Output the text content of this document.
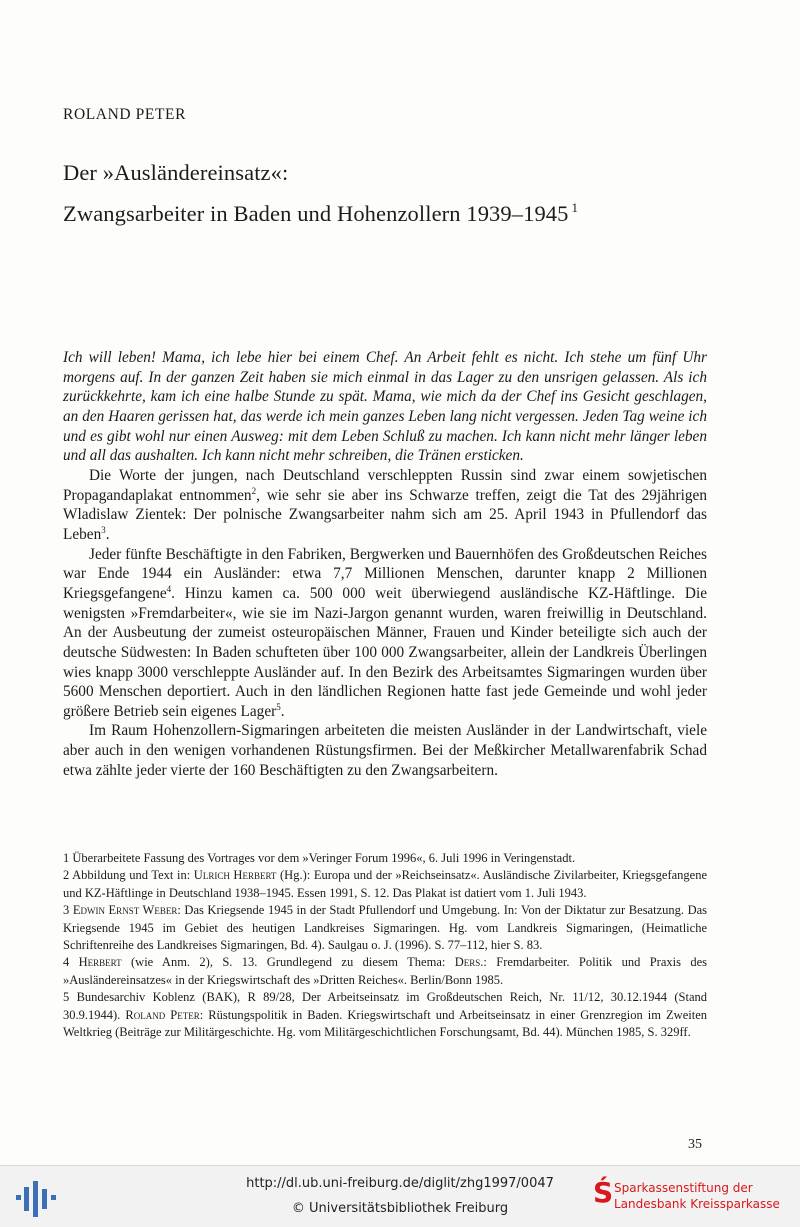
ROLAND PETER
Der »Ausländereinsatz«:
Zwangsarbeiter in Baden und Hohenzollern 1939–1945 $^1$

Ich will leben! Mama, ich lebe hier bei einem Chef. An Arbeit fehlt es nicht. Ich stehe um fünf Uhr morgens auf. In der ganzen Zeit haben sie mich einmal in das Lager zu den unsrigen gelassen. Als ich zurückkehrte, kam ich eine halbe Stunde zu spät. Mama, wie mich da der Chef ins Gesicht geschlagen, an den Haaren gerissen hat, das werde ich mein ganzes Leben lang nicht vergessen. Jeden Tag weine ich und es gibt wohl nur einen Ausweg: mit dem Leben Schluß zu machen. Ich kann nicht mehr länger leben und all das aushalten. Ich kann nicht mehr schreiben, die Tränen ersticken.

Die Worte der jungen, nach Deutschland verschleppten Russin sind zwar einem sowjetischen Propagandaplakat entnommen$^2$, wie sehr sie aber ins Schwarze treffen, zeigt die Tat des 29jährigen Wladislaw Zientek: Der polnische Zwangsarbeiter nahm sich am 25. April 1943 in Pfullendorf das Leben$^3$.

Jeder fünfte Beschäftigte in den Fabriken, Bergwerken und Bauernhöfen des Großdeutschen Reiches war Ende 1944 ein Ausländer: etwa 7,7 Millionen Menschen, darunter knapp 2 Millionen Kriegsgefangene$^4$. Hinzu kamen ca. 500 000 weit überwiegend ausländische KZ-Häftlinge. Die wenigsten »Fremdarbeiter«, wie sie im Nazi-Jargon genannt wurden, waren freiwillig in Deutschland. An der Ausbeutung der zumeist osteuropäischen Männer, Frauen und Kinder beteiligte sich auch der deutsche Südwesten: In Baden schufteten über 100 000 Zwangsarbeiter, allein der Landkreis Überlingen wies knapp 3000 verschleppte Ausländer auf. In den Bezirk des Arbeitsamtes Sigmaringen wurden über 5600 Menschen deportiert. Auch in den ländlichen Regionen hatte fast jede Gemeinde und wohl jeder größere Betrieb sein eigenes Lager$^5$.

Im Raum Hohenzollern-Sigmaringen arbeiteten die meisten Ausländer in der Landwirtschaft, viele aber auch in den wenigen vorhandenen Rüstungsfirmen. Bei der Meßkircher Metallwarenfabrik Schad etwa zählte jeder vierte der 160 Beschäftigten zu den Zwangsarbeitern.

1 Überarbeitete Fassung des Vortrages vor dem »Veringer Forum 1996«, 6. Juli 1996 in Veringenstadt.

2 Abbildung und Text in: Ulrich Herbert (Hg.): Europa und der »Reichseinsatz«. Ausländische Zivilarbeiter, Kriegsgefangene und KZ-Häftlinge in Deutschland 1938–1945. Essen 1991, S. 12. Das Plakat ist datiert vom 1. Juli 1943.

3 Edwin Ernst Weber: Das Kriegsende 1945 in der Stadt Pfullendorf und Umgebung. In: Von der Diktatur zur Besatzung. Das Kriegsende 1945 im Gebiet des heutigen Landkreises Sigmaringen. Hg. vom Landkreis Sigmaringen, (Heimatliche Schriftenreihe des Landkreises Sigmaringen, Bd. 4). Saulgau o. J. (1996). S. 77–112, hier S. 83.

4 Herbert (wie Anm. 2), S. 13. Grundlegend zu diesem Thema: Ders.: Fremdarbeiter. Politik und Praxis des »Ausländereinsatzes« in der Kriegswirtschaft des »Dritten Reiches«. Berlin/Bonn 1985.

5 Bundesarchiv Koblenz (BAK), R 89/28, Der Arbeitseinsatz im Großdeutschen Reich, Nr. 11/12, 30.12.1944 (Stand 30.9.1944). Roland Peter: Rüstungspolitik in Baden. Kriegswirtschaft und Arbeitseinsatz in einer Grenzregion im Zweiten Weltkrieg (Beiträge zur Militärgeschichte. Hg. vom Militärgeschichtlichen Forschungsamt, Bd. 44). München 1985, S. 329ff.

35
http://dl.ub.uni-freiburg.de/diglit/zhg1997/0047
© Universitätsbibliothek Freiburg	Ś Sparkassenstiftung der
Landesbank Kreissparkasse
